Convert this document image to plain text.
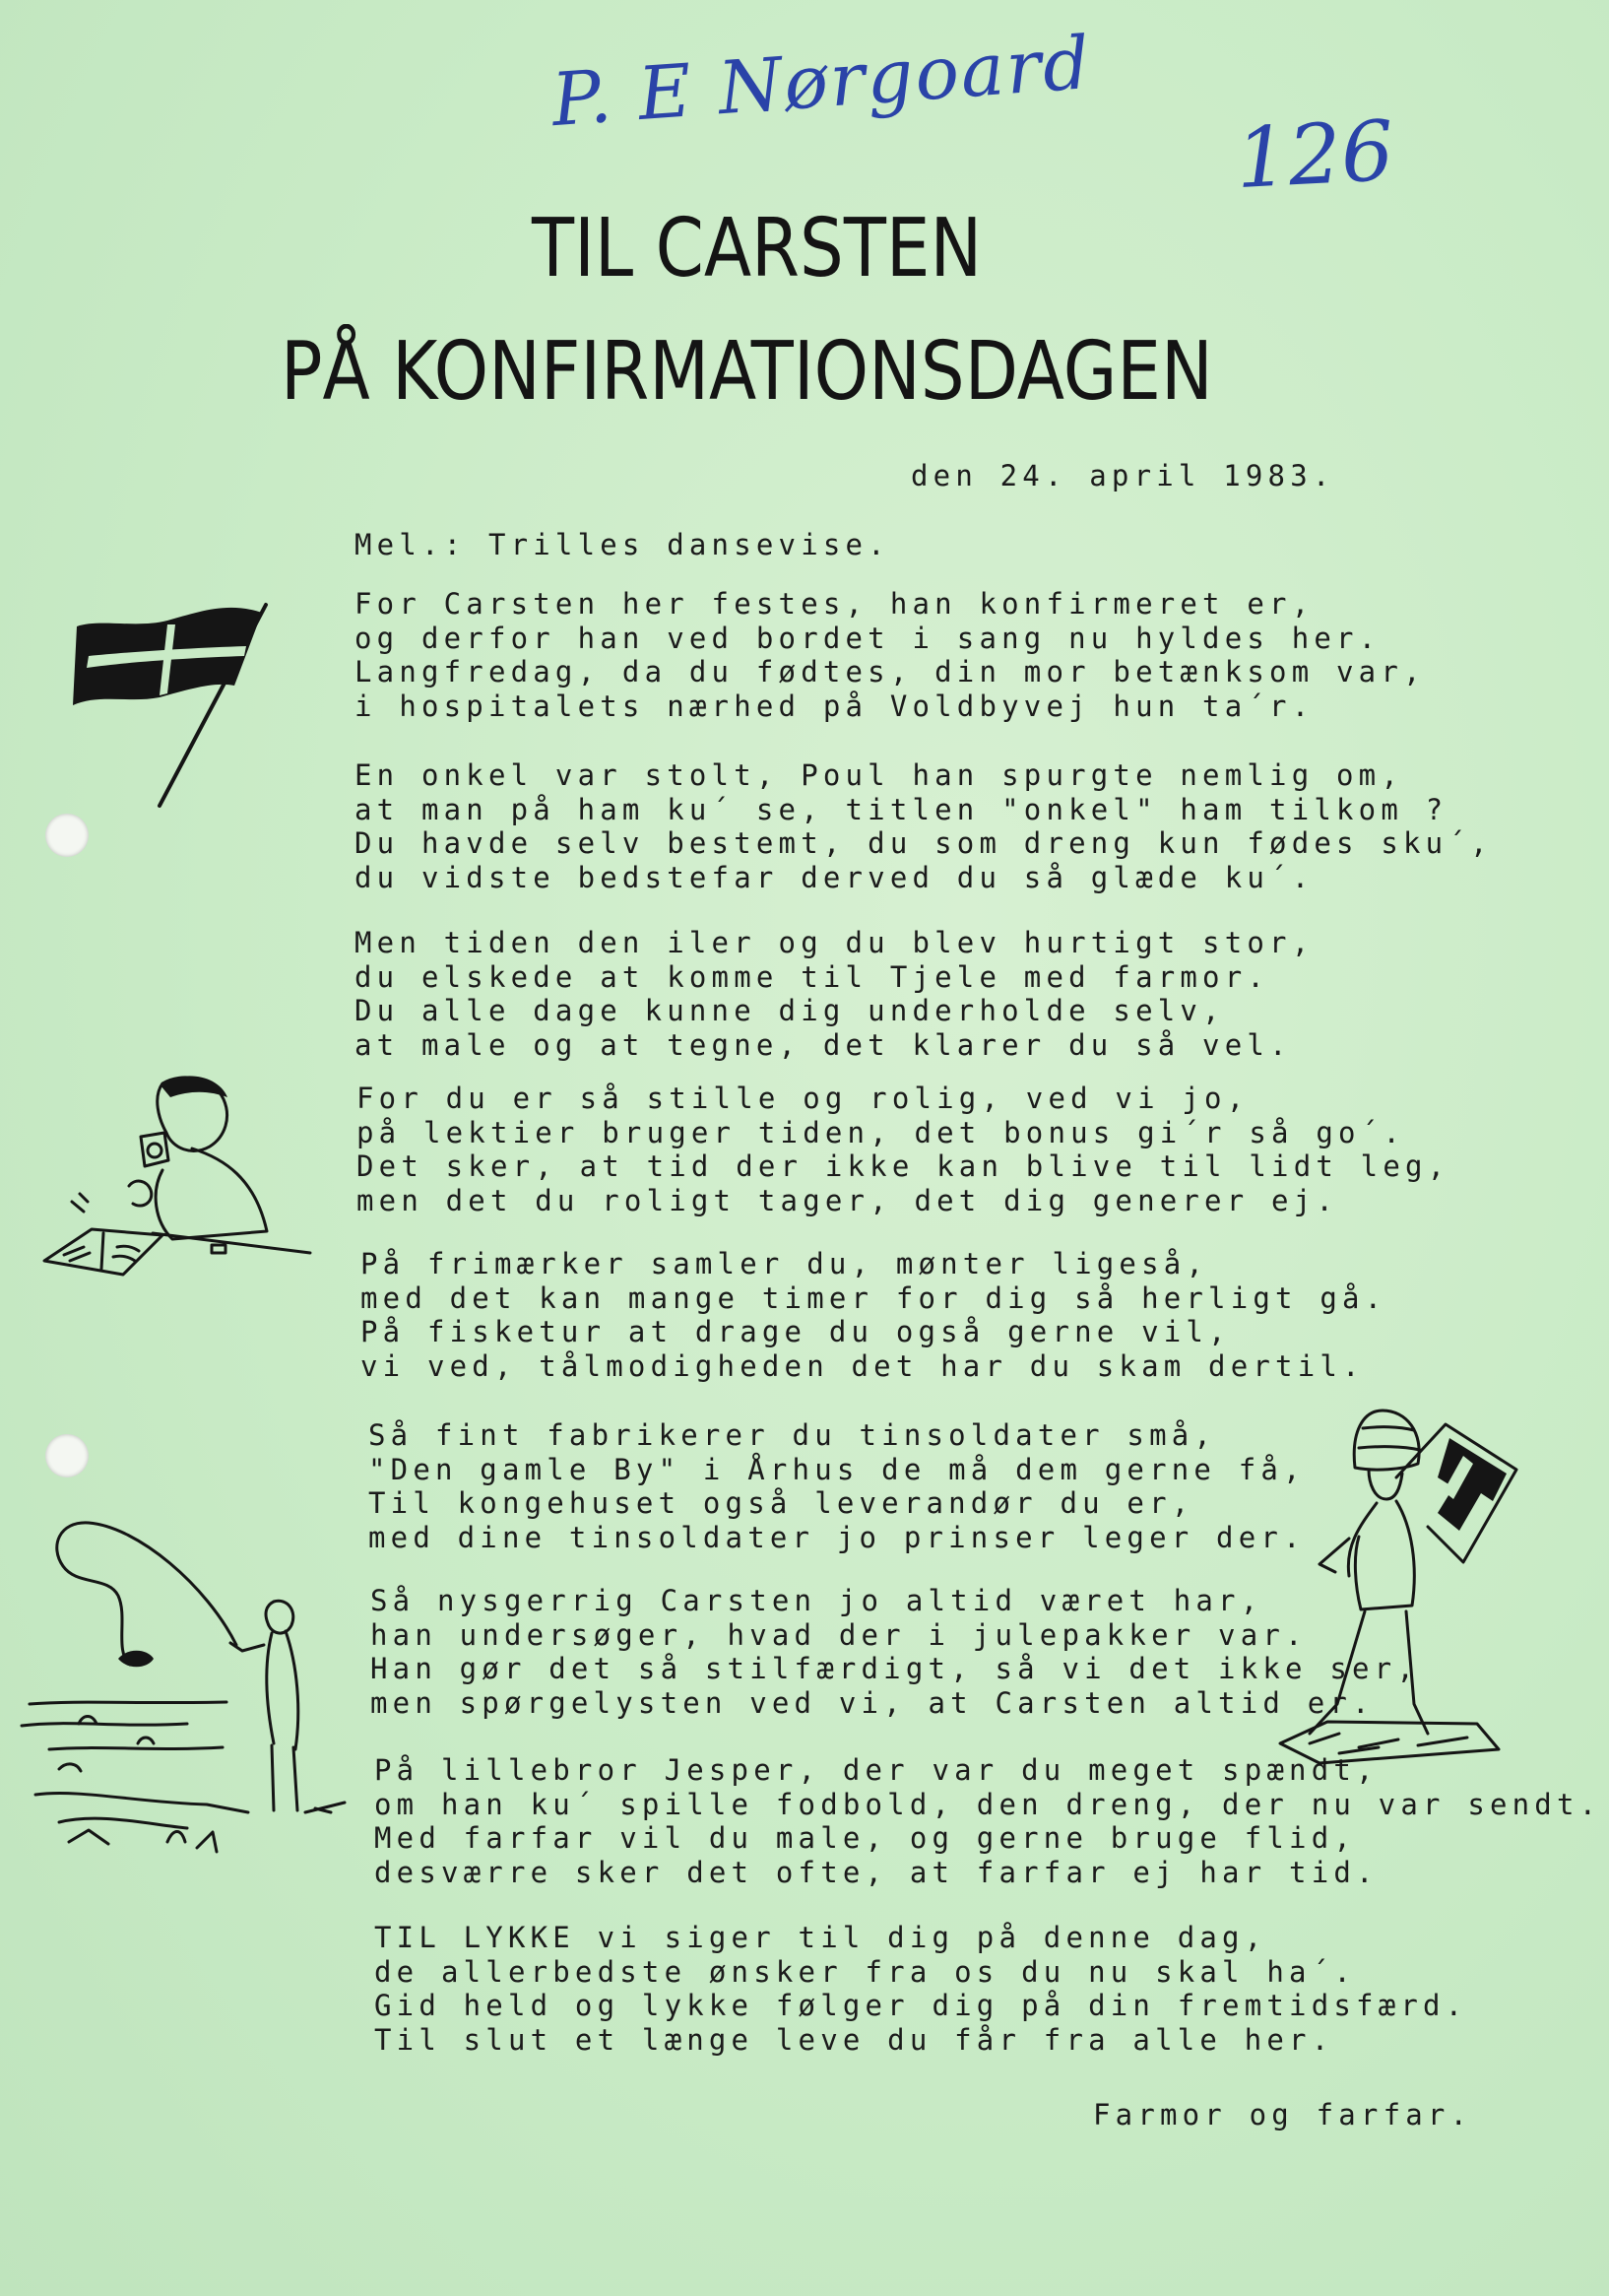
P. E Nørgoard
126
TIL CARSTEN
PÅ KONFIRMATIONSDAGEN
den 24. april 1983.
Mel.: Trilles dansevise.
For Carsten her festes, han konfirmeret er,
og derfor han ved bordet i sang nu hyldes her.
Langfredag, da du fødtes, din mor betænksom var,
i hospitalets nærhed på Voldbyvej hun ta´r.
En onkel var stolt, Poul han spurgte nemlig om,
at man på ham ku´ se, titlen "onkel" ham tilkom ?
Du havde selv bestemt, du som dreng kun fødes sku´,
du vidste bedstefar derved du så glæde ku´.
Men tiden den iler og du blev hurtigt stor,
du elskede at komme til Tjele med farmor.
Du alle dage kunne dig underholde selv,
at male og at tegne, det klarer du så vel.
For du er så stille og rolig, ved vi jo,
på lektier bruger tiden, det bonus gi´r så go´.
Det sker, at tid der ikke kan blive til lidt leg,
men det du roligt tager, det dig generer ej.
På frimærker samler du, mønter ligeså,
med det kan mange timer for dig så herligt gå.
På fisketur at drage du også gerne vil,
vi ved, tålmodigheden det har du skam dertil.
Så fint fabrikerer du tinsoldater små,
"Den gamle By" i Århus de må dem gerne få,
Til kongehuset også leverandør du er,
med dine tinsoldater jo prinser leger der.
Så nysgerrig Carsten jo altid været har,
han undersøger, hvad der i julepakker var.
Han gør det så stilfærdigt, så vi det ikke ser,
men spørgelysten ved vi, at Carsten altid er.
På lillebror Jesper, der var du meget spændt,
om han ku´ spille fodbold, den dreng, der nu var sendt.
Med farfar vil du male, og gerne bruge flid,
desværre sker det ofte, at farfar ej har tid.
TIL LYKKE vi siger til dig på denne dag,
de allerbedste ønsker fra os du nu skal ha´.
Gid held og lykke følger dig på din fremtidsfærd.
Til slut et længe leve du får fra alle her.
Farmor og farfar.
